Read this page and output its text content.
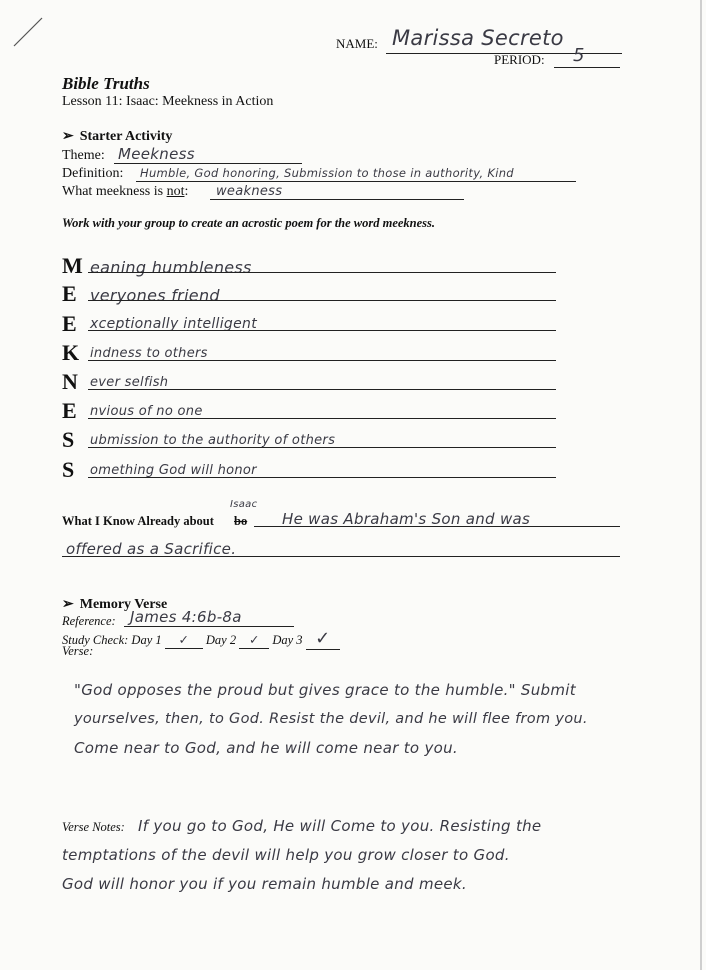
NAME: Marissa Secreto
PERIOD: 5
Bible Truths
Lesson 11: Isaac: Meekness in Action
➢ Starter Activity
Theme: Meekness
Definition: Humble, God honoring, Submission to those in authority, Kind
What meekness is not: weakness
Work with your group to create an acrostic poem for the word meekness.
M eaning humbleness
E veryones friend
E xceptionally intelligent
K indness to others
N ever selfish
E nvious of no one
S ubmission to the authority of others
S omething God will honor
What I Know Already about bo
Isaac
He was Abraham's Son and was
offered as a Sacrifice.
➢ Memory Verse
Reference: James 4:6b-8a
Study Check: Day 1 ✓ Day 2 ✓ Day 3 ✓
Verse:
"God opposes the proud but gives grace to the humble." Submit
yourselves, then, to God. Resist the devil, and he will flee from you.
Come near to God, and he will come near to you.
Verse Notes: If you go to God, He will Come to you. Resisting the
temptations of the devil will help you grow closer to God.
God will honor you if you remain humble and meek.
